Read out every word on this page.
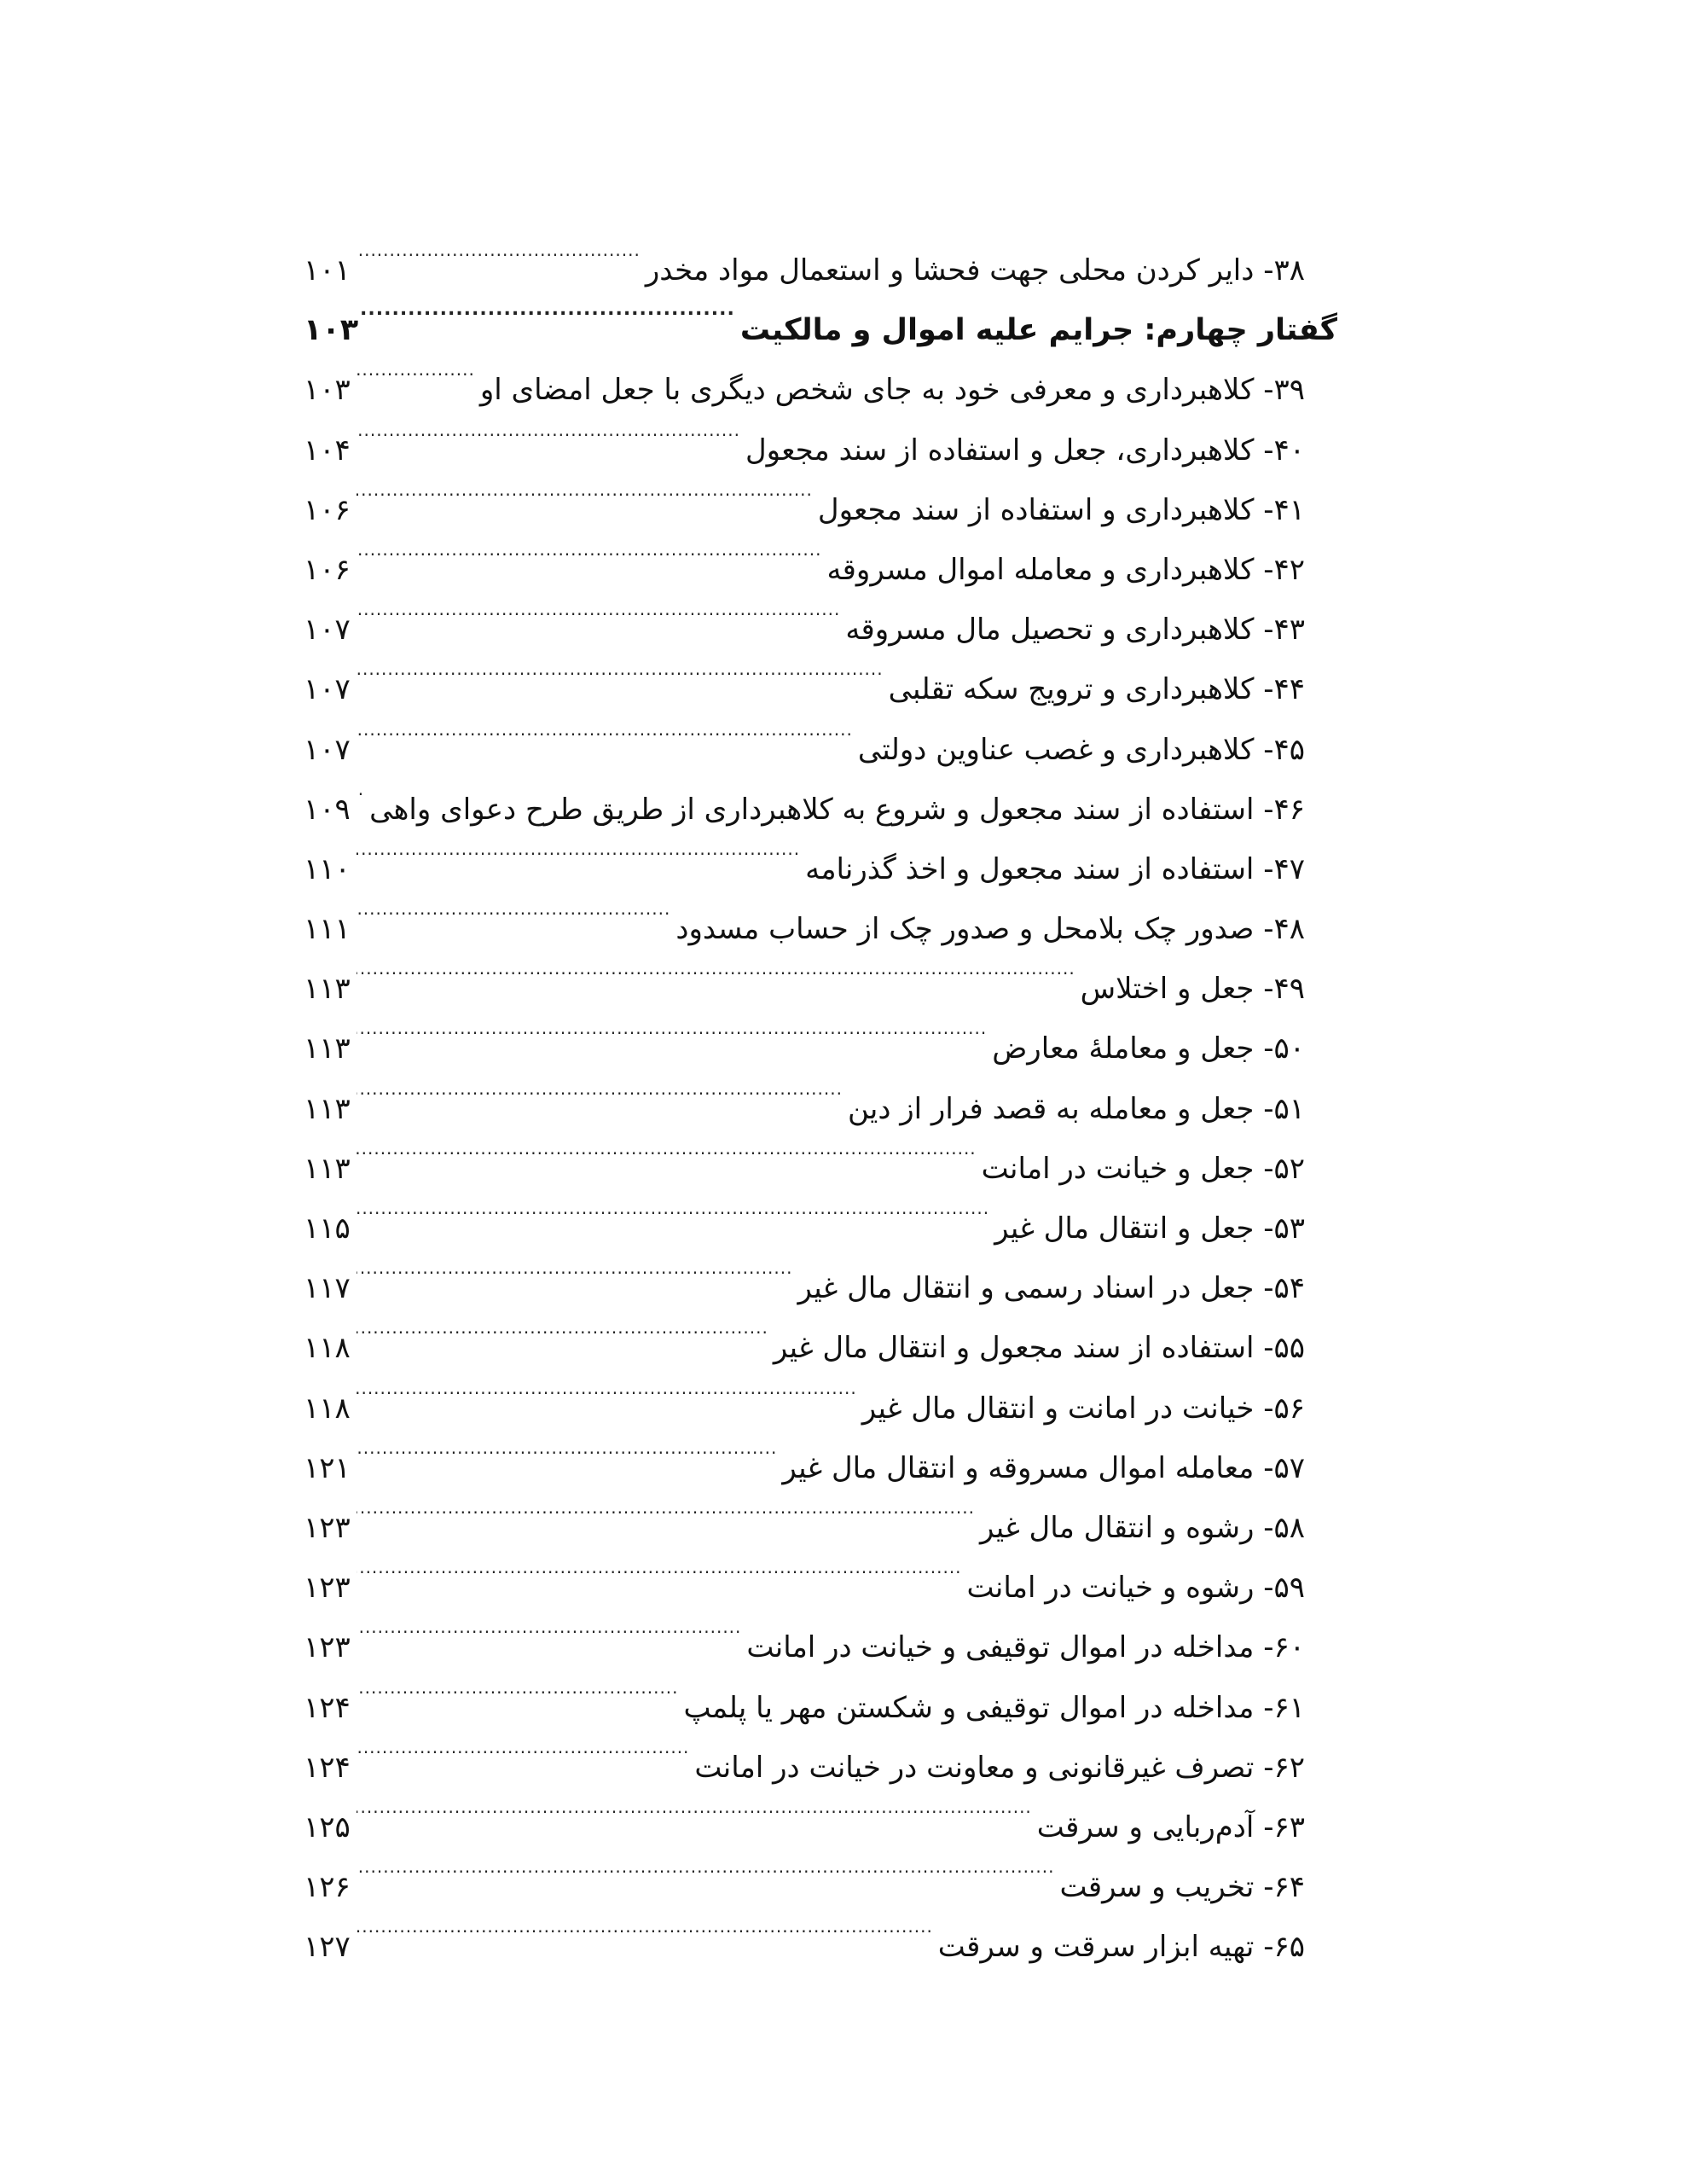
۳۸- دایر کردن محلی جهت فحشا و استعمال مواد مخدر
.....
۱۰۱
گفتار چهارم: جرایم علیه اموال و مالکیت
.....
۱۰۳
۳۹- کلاهبرداری و معرفی خود به جای شخص دیگری با جعل امضای او
.....
۱۰۳
۴۰- کلاهبرداری، جعل و استفاده از سند مجعول
.....
۱۰۴
۴۱- کلاهبرداری و استفاده از سند مجعول
.....
۱۰۶
۴۲- کلاهبرداری و معامله اموال مسروقه
.....
۱۰۶
۴۳- کلاهبرداری و تحصیل مال مسروقه
.....
۱۰۷
۴۴- کلاهبرداری و ترویج سکه تقلبی
.....
۱۰۷
۴۵- کلاهبرداری و غصب عناوین دولتی
.....
۱۰۷
۴۶- استفاده از سند مجعول و شروع به کلاهبرداری از طریق طرح دعوای واهی
.....
۱۰۹
۴۷- استفاده از سند مجعول و اخذ گذرنامه
.....
۱۱۰
۴۸- صدور چک بلامحل و صدور چک از حساب مسدود
.....
۱۱۱
۴۹- جعل و اختلاس
.....
۱۱۳
۵۰- جعل و معاملهٔ معارض
.....
۱۱۳
۵۱- جعل و معامله به قصد فرار از دین
.....
۱۱۳
۵۲- جعل و خیانت در امانت
.....
۱۱۳
۵۳- جعل و انتقال مال غیر
.....
۱۱۵
۵۴- جعل در اسناد رسمی و انتقال مال غیر
.....
۱۱۷
۵۵- استفاده از سند مجعول و انتقال مال غیر
.....
۱۱۸
۵۶- خیانت در امانت و انتقال مال غیر
.....
۱۱۸
۵۷- معامله اموال مسروقه و انتقال مال غیر
.....
۱۲۱
۵۸- رشوه و انتقال مال غیر
.....
۱۲۳
۵۹- رشوه و خیانت در امانت
.....
۱۲۳
۶۰- مداخله در اموال توقیفی و خیانت در امانت
.....
۱۲۳
۶۱- مداخله در اموال توقیفی و شکستن مهر یا پلمپ
.....
۱۲۴
۶۲- تصرف غیرقانونی و معاونت در خیانت در امانت
.....
۱۲۴
۶۳- آدم‌ربایی و سرقت
.....
۱۲۵
۶۴- تخریب و سرقت
.....
۱۲۶
۶۵- تهیه ابزار سرقت و سرقت
.....
۱۲۷
